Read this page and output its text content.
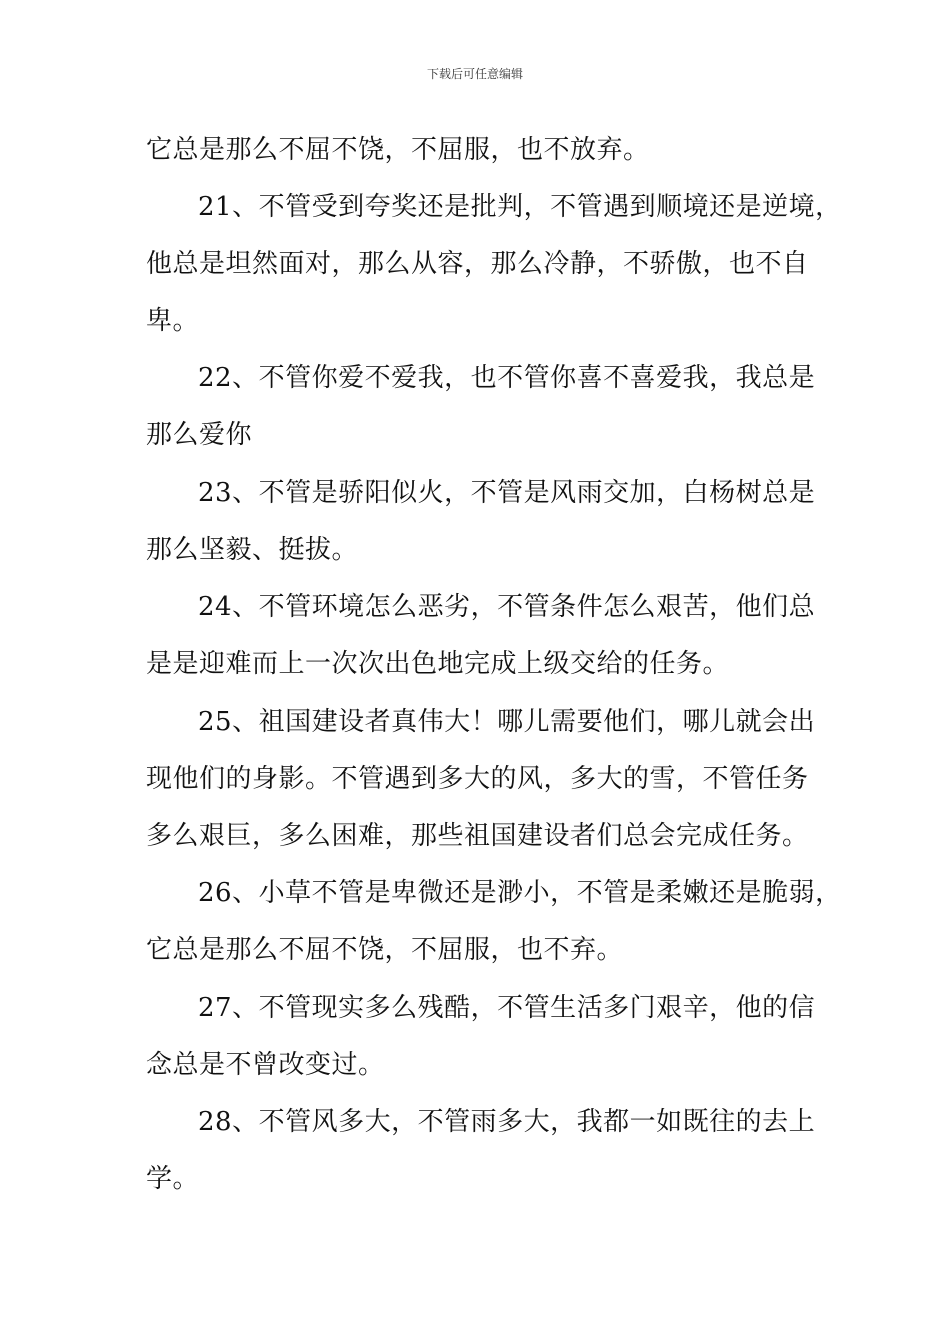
下载后可任意编辑
它总是那么不屈不饶，不屈服，也不放弃。
21、不管受到夸奖还是批判，不管遇到顺境还是逆境，
他总是坦然面对，那么从容，那么冷静，不骄傲，也不自
卑。
22、不管你爱不爱我，也不管你喜不喜爱我，我总是
那么爱你
23、不管是骄阳似火，不管是风雨交加，白杨树总是
那么坚毅、挺拔。
24、不管环境怎么恶劣，不管条件怎么艰苦，他们总
是是迎难而上一次次出色地完成上级交给的任务。
25、祖国建设者真伟大！哪儿需要他们，哪儿就会出
现他们的身影。不管遇到多大的风，多大的雪，不管任务
多么艰巨，多么困难，那些祖国建设者们总会完成任务。
26、小草不管是卑微还是渺小，不管是柔嫩还是脆弱，
它总是那么不屈不饶，不屈服，也不弃。
27、不管现实多么残酷，不管生活多门艰辛，他的信
念总是不曾改变过。
28、不管风多大，不管雨多大，我都一如既往的去上
学。
